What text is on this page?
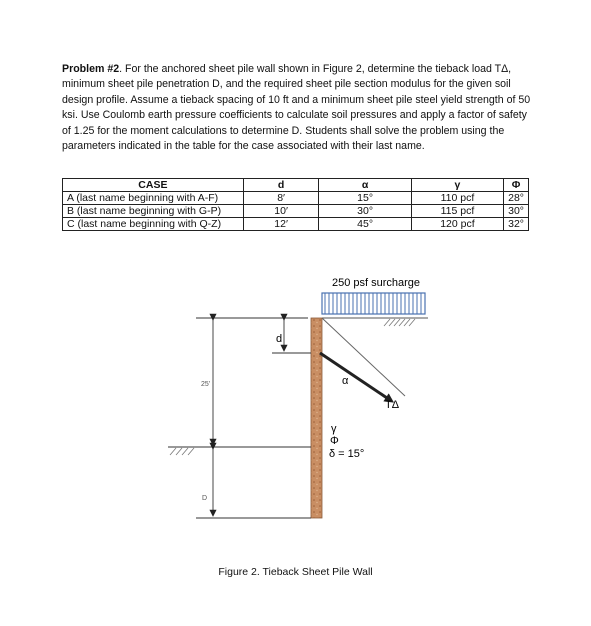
Problem #2. For the anchored sheet pile wall shown in Figure 2, determine the tieback load TΔ, minimum sheet pile penetration D, and the required sheet pile section modulus for the given soil design profile. Assume a tieback spacing of 10 ft and a minimum sheet pile steel yield strength of 50 ksi. Use Coulomb earth pressure coefficients to calculate soil pressures and apply a factor of safety of 1.25 for the moment calculations to determine D. Students shall solve the problem using the parameters indicated in the table for the case associated with their last name.
CASE	d	α	γ	Φ
A (last name beginning with A-F)	8′	15°	110 pcf	28°
B (last name beginning with G-P)	10′	30°	115 pcf	30°
C (last name beginning with Q-Z)	12′	45°	120 pcf	32°
250 psf surcharge
α
TΔ
γ
Φ
δ = 15°
d
25'
D
Figure 2. Tieback Sheet Pile Wall
